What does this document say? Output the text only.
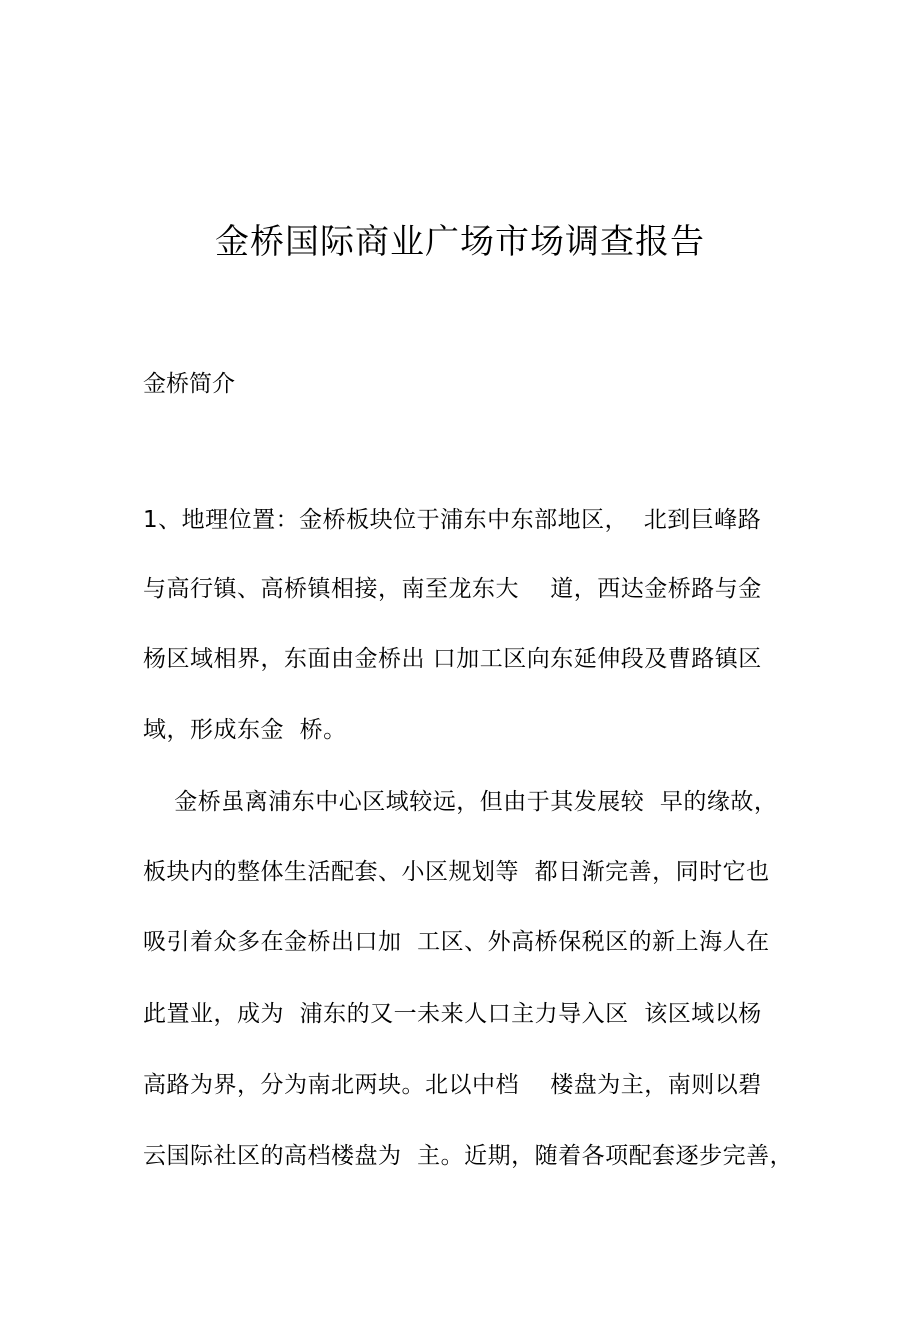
金桥国际商业广场市场调查报告
金桥简介
1、地理位置：金桥板块位于浦东中东部地区，  北到巨峰路
与高行镇、高桥镇相接，南至龙东大    道，西达金桥路与金
杨区域相界，东面由金桥出 口加工区向东延伸段及曹路镇区
域，形成东金  桥。
金桥虽离浦东中心区域较远，但由于其发展较  早的缘故，
板块内的整体生活配套、小区规划等  都日渐完善，同时它也
吸引着众多在金桥出口加  工区、外高桥保税区的新上海人在
此置业，成为  浦东的又一未来人口主力导入区  该区域以杨
高路为界，分为南北两块。北以中档    楼盘为主，南则以碧
云国际社区的高档楼盘为  主。近期，随着各项配套逐步完善，
